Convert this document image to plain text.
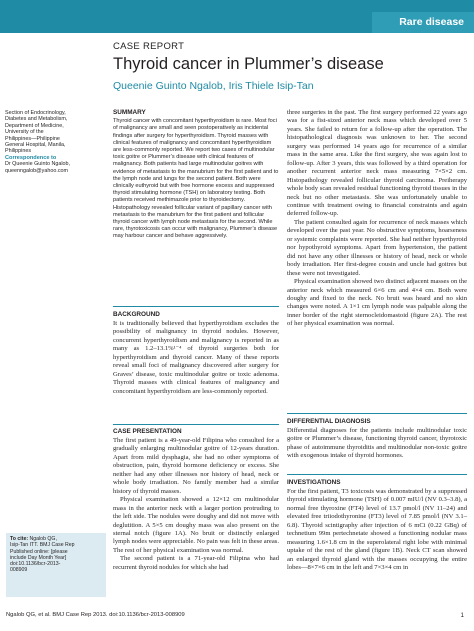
Rare disease
CASE REPORT
Thyroid cancer in Plummer’s disease
Queenie Guinto Ngalob, Iris Thiele Isip-Tan

Section of Endocrinology,

Diabetes and Metabolism,

Department of Medicine,

University of the

Philippines—Philippine

General Hospital, Manila,

Philippines

Correspondence to

Dr Queenie Guinto Ngalob,

queenngalob@yahoo.com

SUMMARY

Thyroid cancer with concomitant hyperthyroidism is rare. Most foci of malignancy are small and seen postoperatively as incidental findings after surgery for hyperthyroidism. Thyroid masses with clinical features of malignancy and concomitant hyperthyroidism are less-commonly reported. We report two cases of multinodular toxic goitre or Plummer’s disease with clinical features of malignancy. Both patients had large multinodular goitres with evidence of metastasis to the manubrium for the first patient and to the lymph node and lungs for the second patient. Both were clinically euthyroid but with free hormone excess and suppressed thyroid stimulating hormone (TSH) on laboratory testing. Both patients received methimazole prior to thyroidectomy. Histopathology revealed follicular variant of papillary cancer with metastasis to the manubrium for the first patient and follicular thyroid cancer with lymph node metastasis for the second. While rare, thyrotoxicosis can occur with malignancy, Plummer’s disease may harbour cancer and behave aggressively.

BACKGROUND

It is traditionally believed that hyperthyroidism excludes the possibility of malignancy in thyroid nodules. However, concurrent hyperthyroidism and malignancy is reported in as many as 1.2–13.1%¹⁻⁴ of thyroid surgeries both for hyperthyroidism and thyroid cancer. Many of these reports reveal small foci of malignancy discovered after surgery for Graves’ disease, toxic multinodular goitre or toxic adenoma. Thyroid masses with clinical features of malignancy and concomitant hyperthyroidism are less-commonly reported.

CASE PRESENTATION

The first patient is a 49-year-old Filipina who consulted for a gradually enlarging multinodular goitre of 12-years duration. Apart from mild dysphagia, she had no other symptoms of obstruction, pain, thyroid hormone deficiency or excess. She neither had any other illnesses nor history of head, neck or whole body irradiation. No family member had a similar history of thyroid masses.

Physical examination showed a 12×12 cm multinodular mass in the anterior neck with a larger portion protruding to the left side. The nodules were doughy and did not move with deglutition. A 5×5 cm doughy mass was also present on the sternal notch (figure 1A). No bruit or distinctly enlarged lymph nodes were appreciable. No pain was felt in these areas. The rest of her physical examination was normal.

The second patient is a 71-year-old Filipina who had recurrent thyroid nodules for which she had

three surgeries in the past. The first surgery performed 22 years ago was for a fist-sized anterior neck mass which developed over 5 years. She failed to return for a follow-up after the operation. The histopathological diagnosis was unknown to her. The second surgery was performed 14 years ago for recurrence of a similar mass in the same area. Like the first surgery, she was again lost to follow-up. After 3 years, this was followed by a third operation for another recurrent anterior neck mass measuring 7×5×2 cm. Histopathology revealed follicular thyroid carcinoma. Preiherapy whole body scan revealed residual functioning thyroid tissues in the neck but no other metastasis. She was unfortunately unable to continue with treatment owing to financial constraints and again deferred follow-up.

The patient consulted again for recurrence of neck masses which developed over the past year. No obstructive symptoms, hoarseness or systemic complaints were reported. She had neither hyperthyroid nor hypothyroid symptoms. Apart from hypertension, the patient did not have any other illnesses or history of head, neck or whole body irradiation. Her first-degree cousin and uncle had goitres but these were not investigated.

Physical examination showed two distinct adjacent masses on the anterior neck which measured 6×6 cm and 4×4 cm. Both were doughy and fixed to the neck. No bruit was heard and no skin changes were noted. A 1×1 cm lymph node was palpable along the inner border of the right sternocleidomastoid (figure 2A). The rest of her physical examination was normal.

DIFFERENTIAL DIAGNOSIS

Differential diagnoses for the patients include multinodular toxic goitre or Plummer’s disease, functioning thyroid cancer, thyrotoxic phase of autoimmune thyroiditis and multinodular non-toxic goitre with exogenous intake of thyroid hormones.

INVESTIGATIONS

For the first patient, T3 toxicosis was demonstrated by a suppressed thyroid stimulating hormone (TSH) of 0.007 mIU/l (NV 0.3–3.8), a normal free thyroxine (FT4) level of 13.7 pmol/l (NV 11–24) and elevated free triiodothyronine (FT3) level of 7.85 pmol/l (NV 3.1–6.8). Thyroid scintigraphy after injection of 6 mCi (0.22 GBq) of technetium 99m pertechnetate showed a functioning nodular mass measuring 1.6×1.8 cm in the superolateral right lobe with minimal uptake of the rest of the gland (figure 1B). Neck CT scan showed an enlarged thyroid gland with the masses occupying the entire lobes—8×7×6 cm in the left and 7×3×4 cm in

To cite: Ngalob QG,
Isip-Tan ITT. BMJ Case Rep
Published online: [please
include Day Month Year]
doi:10.1136/bcr-2013-
008909
Ngalob QG, et al. BMJ Case Rep 2013. doi:10.1136/bcr-2013-008909	1
